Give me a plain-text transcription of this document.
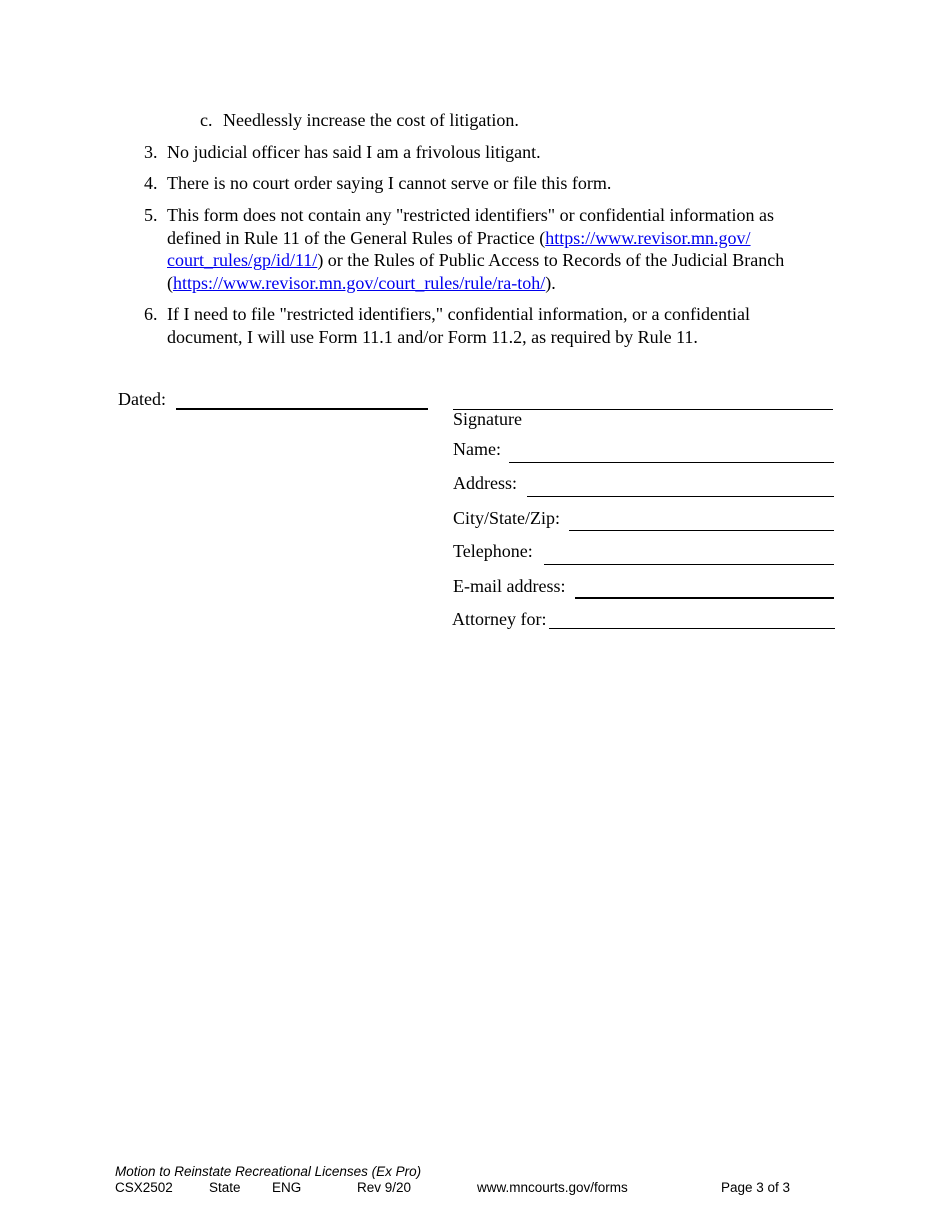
c. Needlessly increase the cost of litigation.
3. No judicial officer has said I am a frivolous litigant.
4. There is no court order saying I cannot serve or file this form.
5. This form does not contain any "restricted identifiers" or confidential information as
defined in Rule 11 of the General Rules of Practice (https://www.revisor.mn.gov/
court_rules/gp/id/11/) or the Rules of Public Access to Records of the Judicial Branch
(https://www.revisor.mn.gov/court_rules/rule/ra-toh/).
6. If I need to file "restricted identifiers," confidential information, or a confidential
document, I will use Form 11.1 and/or Form 11.2, as required by Rule 11.
Dated:
Signature
Name:
Address:
City/State/Zip:
Telephone:
E-mail address:
Attorney for:
Motion to Reinstate Recreational Licenses (Ex Pro)
CSX2502	State ENG	Rev 9/20	www.mncourts.gov/forms	Page 3 of 3
